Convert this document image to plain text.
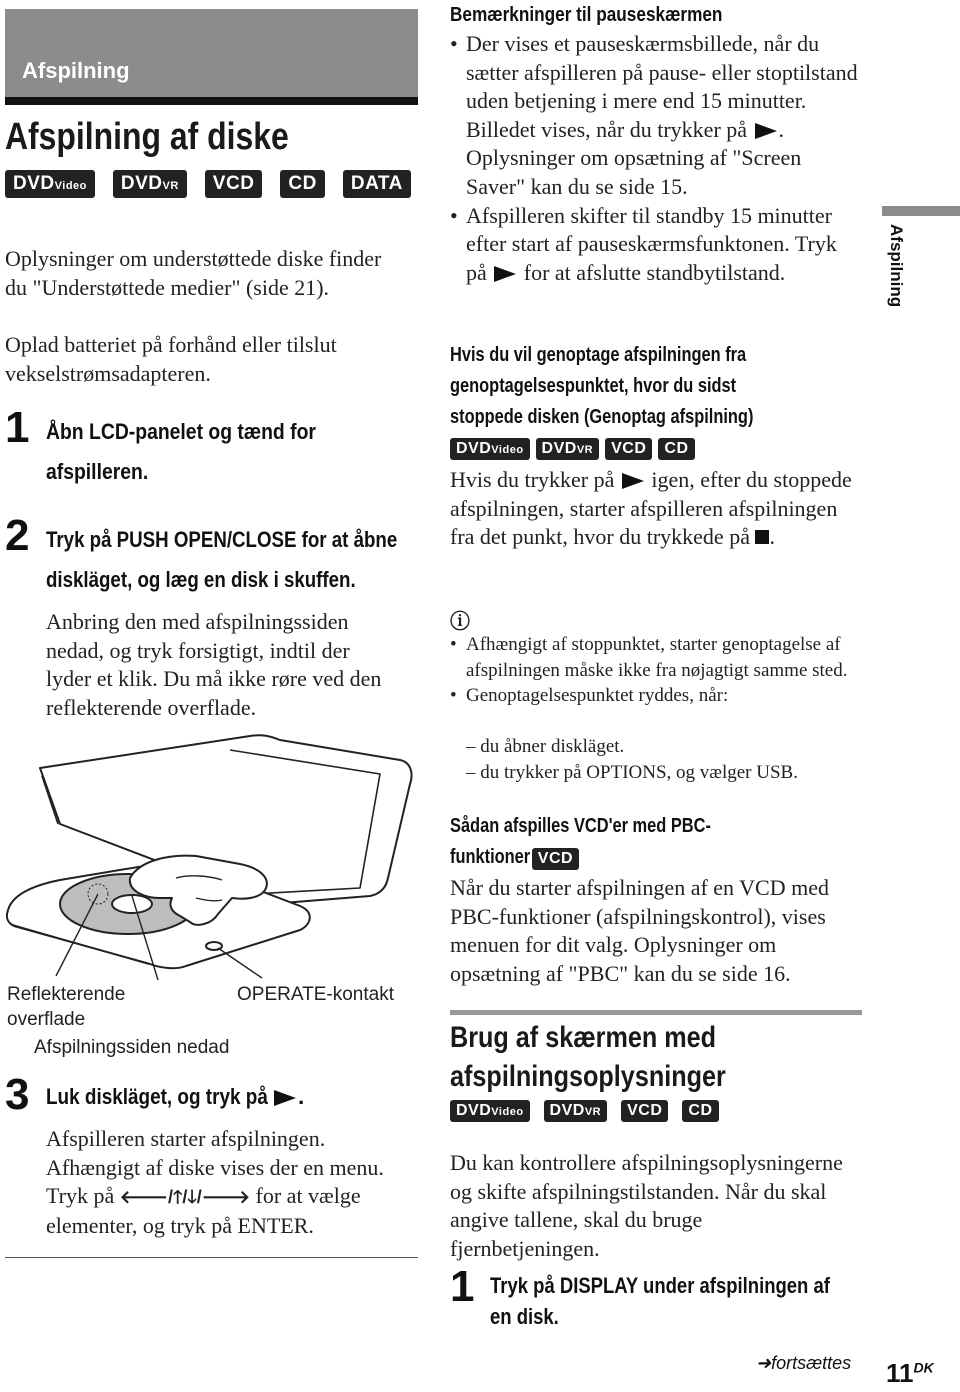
Afspilning
Afspilning af diske
DVDVideo DVDVR VCD CD DATA
Oplysninger om understøttede diske finder du "Understøttede medier" (side 21).
Oplad batteriet på forhånd eller tilslut vekselstrømsadapteren.
1 Åbn LCD-panelet og tænd for
afspilleren.
2 Tryk på PUSH OPEN/CLOSE for at åbne
diskläget, og læg en disk i skuffen.
Anbring den med afspilningssiden nedad, og tryk forsigtigt, indtil der lyder et klik. Du må ikke røre ved den reflekterende overflade.
Reflekterende
overflade
OPERATE-kontakt
Afspilningssiden nedad
3 Luk diskläget, og tryk på .
Afspilleren starter afspilningen.
Afhængigt af diske vises der en menu.
Tryk på 🡐/🡑/🡓/🡒 for at vælge
elementer, og tryk på ENTER.
Bemærkninger til pauseskærmen
• Der vises et pauseskærmsbillede, når du sætter afspilleren på pause- eller stoptilstand uden betjening i mere end 15 minutter. Billedet vises, når du trykker på . Oplysninger om opsætning af "Screen Saver" kan du se side 15.
• Afspilleren skifter til standby 15 minutter efter start af pauseskærmsfunktonen. Tryk på  for at afslutte standbytilstand.	Afspilning
Hvis du vil genoptage afspilningen fra
genoptagelsespunktet, hvor du sidst
stoppede disken (Genoptag afspilning)
DVDVideo DVDVR VCD CD
Hvis du trykker på  igen, efter du stoppede afspilningen, starter afspilleren afspilningen fra det punkt, hvor du trykkede på .
ⓘ
• Afhængigt af stoppunktet, starter genoptagelse af afspilningen måske ikke fra nøjagtigt samme sted.
• Genoptagelsespunktet ryddes, når:
– du åbner diskläget.
– du trykker på OPTIONS, og vælger USB.
Sådan afspilles VCD'er med PBC-
funktioner VCD
Når du starter afspilningen af en VCD med PBC-funktioner (afspilningskontrol), vises menuen for dit valg. Oplysninger om opsætning af "PBC" kan du se side 16.
Brug af skærmen med
afspilningsoplysninger
DVDVideo DVDVR VCD CD
Du kan kontrollere afspilningsoplysningerne og skifte afspilningstilstanden. Når du skal angive tallene, skal du bruge fjernbetjeningen.
1 Tryk på DISPLAY under afspilningen af
en disk.
➜fortsættes $11^{DK}$
